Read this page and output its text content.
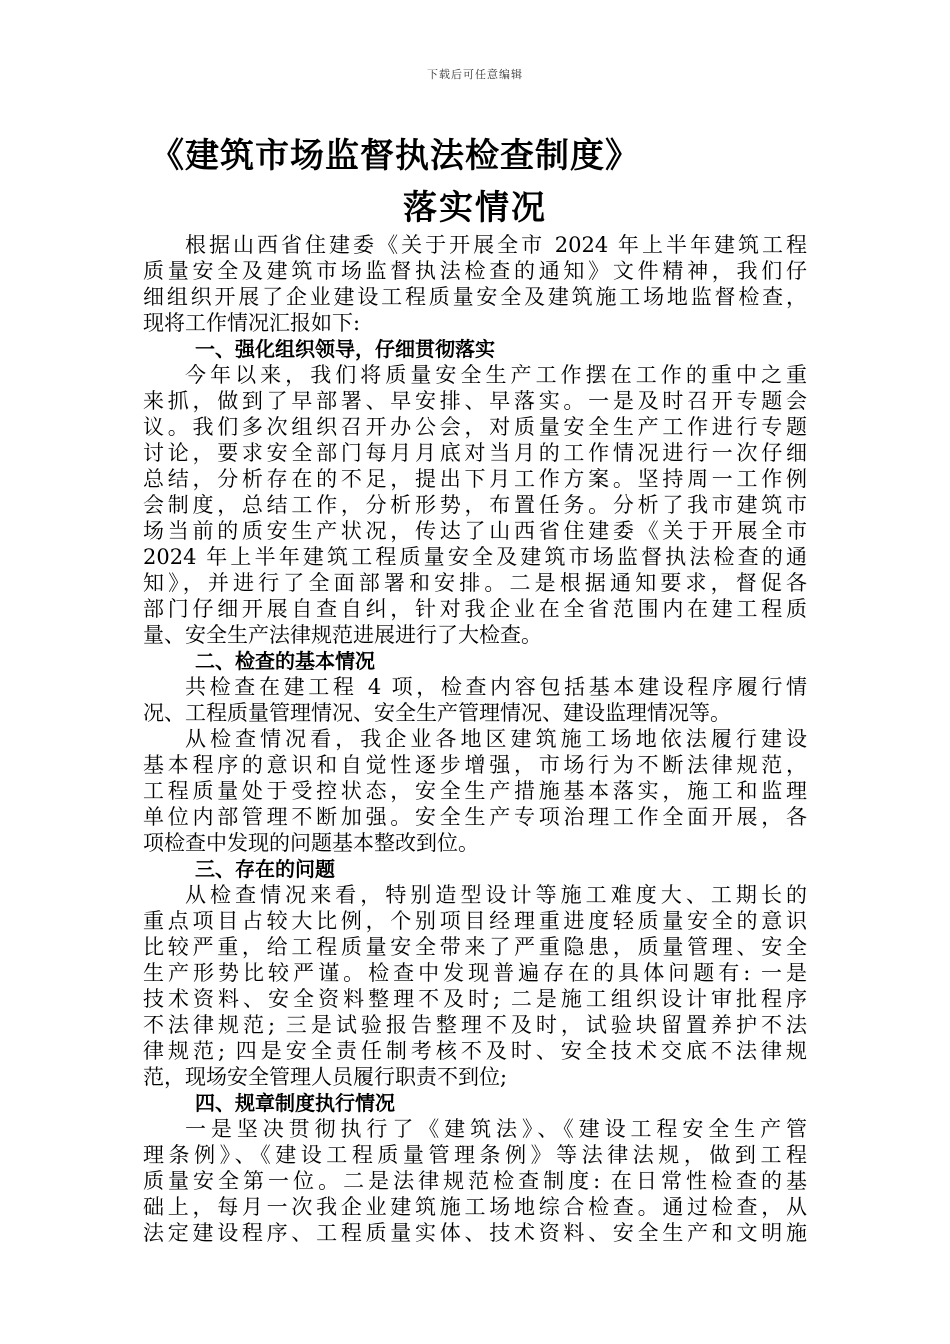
下载后可任意编辑
《建筑市场监督执法检查制度》
落实情况
根据山西省住建委《关于开展全市 2024 年上半年建筑工程
质量安全及建筑市场监督执法检查的通知》文件精神，我们仔
细组织开展了企业建设工程质量安全及建筑施工场地监督检查，
现将工作情况汇报如下:
一、强化组织领导，仔细贯彻落实
今年以来，我们将质量安全生产工作摆在工作的重中之重
来抓，做到了早部署、早安排、早落实。一是及时召开专题会
议。我们多次组织召开办公会，对质量安全生产工作进行专题
讨论，要求安全部门每月月底对当月的工作情况进行一次仔细
总结，分析存在的不足，提出下月工作方案。坚持周一工作例
会制度，总结工作，分析形势，布置任务。分析了我市建筑市
场当前的质安生产状况，传达了山西省住建委《关于开展全市
2024 年上半年建筑工程质量安全及建筑市场监督执法检查的通
知》，并进行了全面部署和安排。二是根据通知要求，督促各
部门仔细开展自查自纠，针对我企业在全省范围内在建工程质
量、安全生产法律规范进展进行了大检查。
二、检查的基本情况
共检查在建工程 4 项，检查内容包括基本建设程序履行情
况、工程质量管理情况、安全生产管理情况、建设监理情况等。
从检查情况看，我企业各地区建筑施工场地依法履行建设
基本程序的意识和自觉性逐步增强，市场行为不断法律规范，
工程质量处于受控状态，安全生产措施基本落实，施工和监理
单位内部管理不断加强。安全生产专项治理工作全面开展，各
项检查中发现的问题基本整改到位。
三、存在的问题
从检查情况来看，特别造型设计等施工难度大、工期长的
重点项目占较大比例，个别项目经理重进度轻质量安全的意识
比较严重，给工程质量安全带来了严重隐患，质量管理、安全
生产形势比较严谨。检查中发现普遍存在的具体问题有: 一是
技术资料、安全资料整理不及时; 二是施工组织设计审批程序
不法律规范; 三是试验报告整理不及时，试验块留置养护不法
律规范; 四是安全责任制考核不及时、安全技术交底不法律规
范，现场安全管理人员履行职责不到位;
四、规章制度执行情况
一是坚决贯彻执行了《建筑法》、《建设工程安全生产管
理条例》、《建设工程质量管理条例》等法律法规，做到工程
质量安全第一位。二是法律规范检查制度: 在日常性检查的基
础上，每月一次我企业建筑施工场地综合检查。通过检查，从
法定建设程序、工程质量实体、技术资料、安全生产和文明施
